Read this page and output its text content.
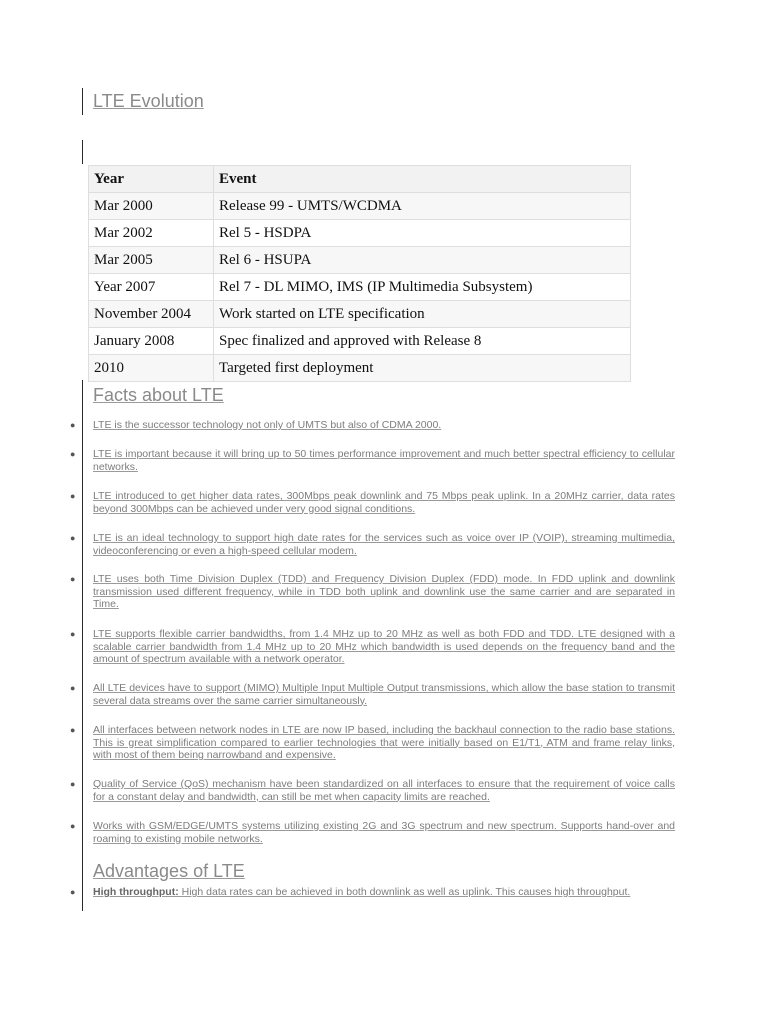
LTE Evolution
Year	Event
Mar 2000	Release 99 - UMTS/WCDMA
Mar 2002	Rel 5 - HSDPA
Mar 2005	Rel 6 - HSUPA
Year 2007	Rel 7 - DL MIMO, IMS (IP Multimedia Subsystem)
November 2004	Work started on LTE specification
January 2008	Spec finalized and approved with Release 8
2010	Targeted first deployment
Facts about LTE
● LTE is the successor technology not only of UMTS but also of CDMA 2000.
● LTE is important because it will bring up to 50 times performance improvement and much better spectral efficiency to cellular networks.
● LTE introduced to get higher data rates, 300Mbps peak downlink and 75 Mbps peak uplink. In a 20MHz carrier, data rates beyond 300Mbps can be achieved under very good signal conditions.
● LTE is an ideal technology to support high date rates for the services such as voice over IP (VOIP), streaming multimedia, videoconferencing or even a high-speed cellular modem.
● LTE uses both Time Division Duplex (TDD) and Frequency Division Duplex (FDD) mode. In FDD uplink and downlink transmission used different frequency, while in TDD both uplink and downlink use the same carrier and are separated in Time.
● LTE supports flexible carrier bandwidths, from 1.4 MHz up to 20 MHz as well as both FDD and TDD. LTE designed with a scalable carrier bandwidth from 1.4 MHz up to 20 MHz which bandwidth is used depends on the frequency band and the amount of spectrum available with a network operator.
● All LTE devices have to support (MIMO) Multiple Input Multiple Output transmissions, which allow the base station to transmit several data streams over the same carrier simultaneously.
● All interfaces between network nodes in LTE are now IP based, including the backhaul connection to the radio base stations. This is great simplification compared to earlier technologies that were initially based on E1/T1, ATM and frame relay links, with most of them being narrowband and expensive.
● Quality of Service (QoS) mechanism have been standardized on all interfaces to ensure that the requirement of voice calls for a constant delay and bandwidth, can still be met when capacity limits are reached.
● Works with GSM/EDGE/UMTS systems utilizing existing 2G and 3G spectrum and new spectrum. Supports hand-over and roaming to existing mobile networks.
Advantages of LTE
● High throughput: High data rates can be achieved in both downlink as well as uplink. This causes high throughput.
